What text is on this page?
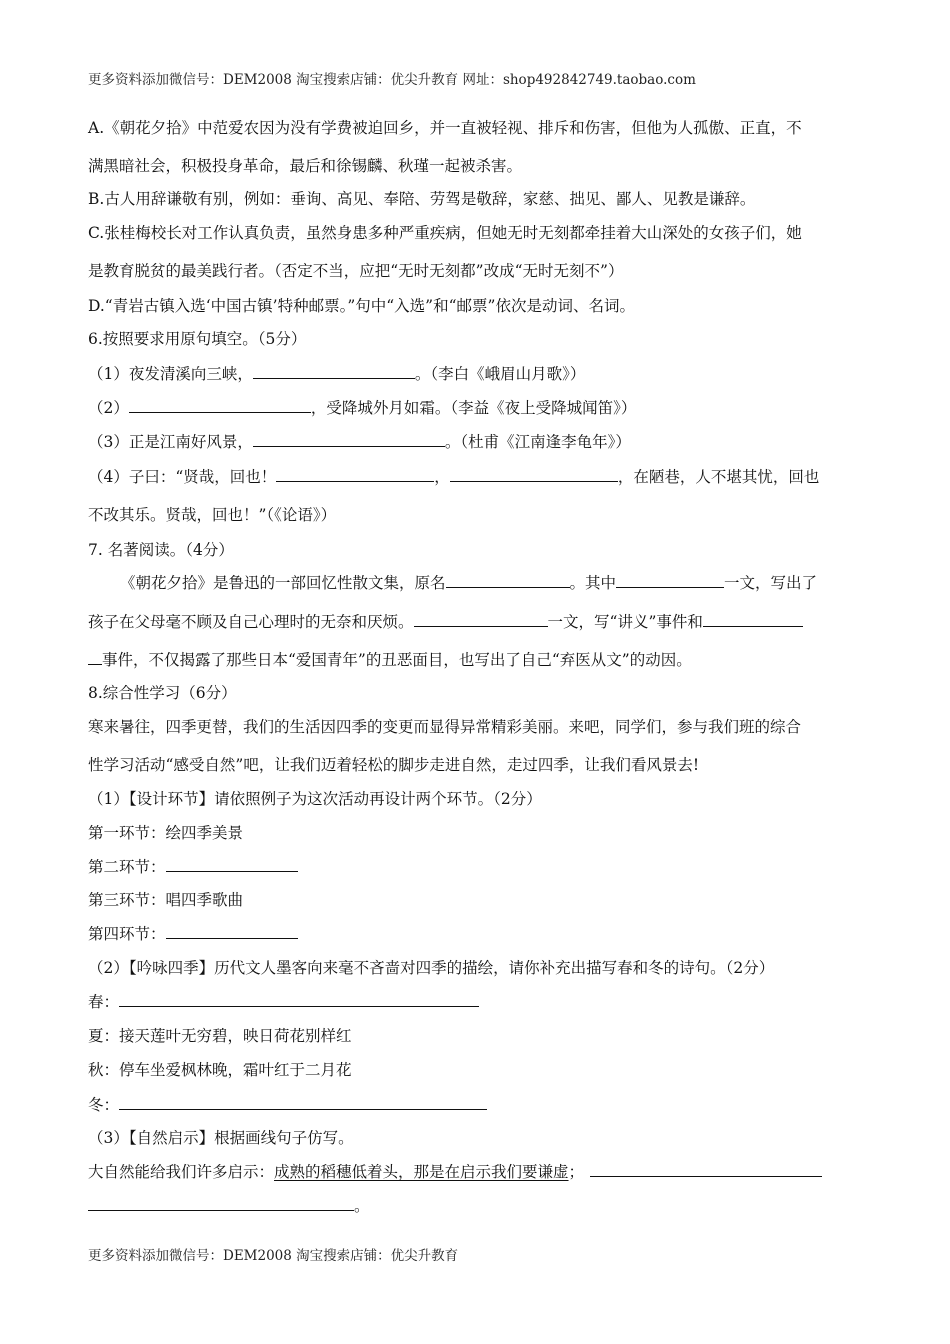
更多资料添加微信号：DEM2008 淘宝搜索店铺：优尖升教育 网址：shop492842749.taobao.com
A.《朝花夕拾》中范爱农因为没有学费被迫回乡，并一直被轻视、排斥和伤害，但他为人孤傲、正直，不
满黑暗社会，积极投身革命，最后和徐锡麟、秋瑾一起被杀害。
B.古人用辞谦敬有别，例如：垂询、高见、奉陪、劳驾是敬辞，家慈、拙见、鄙人、见教是谦辞。
C.张桂梅校长对工作认真负责，虽然身患多种严重疾病，但她无时无刻都牵挂着大山深处的女孩子们，她
是教育脱贫的最美践行者。（否定不当，应把“无时无刻都”改成“无时无刻不”）
D.“青岩古镇入选‘中国古镇’特种邮票。”句中“入选”和“邮票”依次是动词、名词。
6.按照要求用原句填空。（5分）
（1）夜发清溪向三峡，	。（李白《峨眉山月歌》）
（2）	，受降城外月如霜。（李益《夜上受降城闻笛》）
（3）正是江南好风景，	。（杜甫《江南逢李龟年》）
（4）子曰：“贤哉，回也！	，	，在陋巷，人不堪其忧，回也
不改其乐。贤哉，回也！”（《论语》）
7. 名著阅读。（4分）
《朝花夕拾》是鲁迅的一部回忆性散文集，原名	。其中	一文，写出了
孩子在父母毫不顾及自己心理时的无奈和厌烦。	一文，写“讲义”事件和
事件，不仅揭露了那些日本“爱国青年”的丑恶面目，也写出了自己“弃医从文”的动因。
8.综合性学习（6分）
寒来暑往，四季更替，我们的生活因四季的变更而显得异常精彩美丽。来吧，同学们，参与我们班的综合
性学习活动“感受自然”吧，让我们迈着轻松的脚步走进自然，走过四季，让我们看风景去!
（1）【设计环节】请依照例子为这次活动再设计两个环节。（2分）
第一环节：绘四季美景
第二环节：
第三环节：唱四季歌曲
第四环节：
（2）【吟咏四季】历代文人墨客向来毫不吝啬对四季的描绘，请你补充出描写春和冬的诗句。（2分）
春：
夏：接天莲叶无穷碧，映日荷花别样红
秋：停车坐爱枫林晚，霜叶红于二月花
冬：
（3）【自然启示】根据画线句子仿写。
大自然能给我们许多启示：成熟的稻穗低着头，那是在启示我们要谦虚；
。
更多资料添加微信号：DEM2008 淘宝搜索店铺：优尖升教育
